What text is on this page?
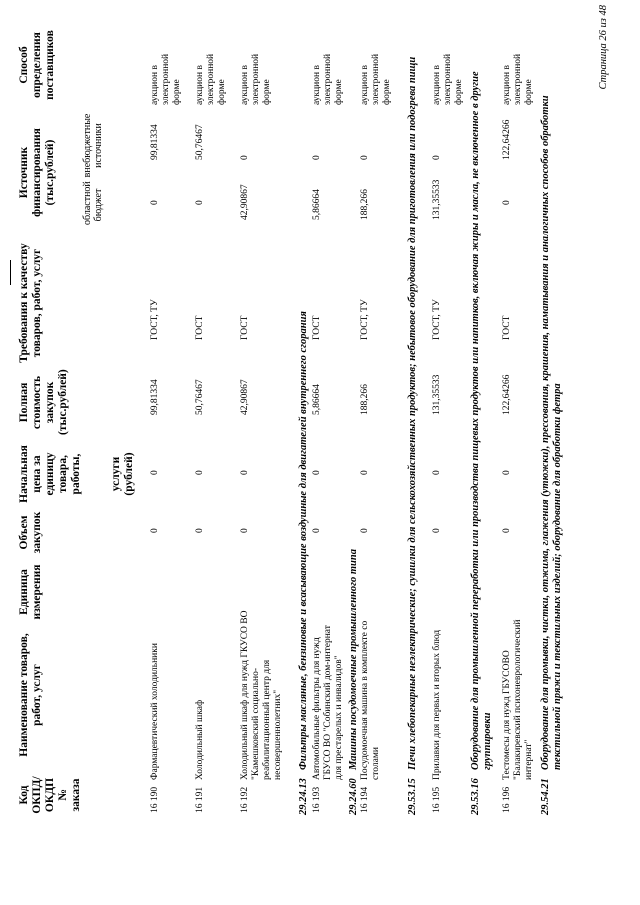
Код ОКПД/ ОКДП № заказа
Наименование товаров, работ, услуг
Единица измерения
Объем закупок
Начальная цена за единицу товара, работы, услуги (рублей)
Полная стоимость закупок (тыс.рублей)
Требования к качеству товаров, работ, услуг
Источник финансирования (тыс.рублей)	областной бюджет
внебюджетные источники
Способ определения поставщиков
16 190
Фармацевтический холодильники
0
0
99,81334
ГОСТ, ТУ
0
99,81334
аукцион в электронной форме
16 191
Холодильный шкаф
0
0
50,76467
ГОСТ
0
50,76467
аукцион в электронной форме
16 192
Холодильный шкаф для нужд ГКУСО ВО "Камешковский социально-реабилитационный центр для несовершеннолетних"
0
0
42,90867
ГОСТ
42,90867
0
аукцион в электронной форме
29.24.13
Фильтры масляные, бензиновые и всасывающие воздушные для двигателей внутреннего сгорания
16 193
Автомобильные фильтры для нужд ГБУСО ВО "Собинский дом-интернат для престарелых и инвалидов"
0
0
5,86664
ГОСТ
5,86664
0
аукцион в электронной форме
29.24.60
Машины посудомоечные промышленного типа
16 194
Посудомоечная машина в комплекте со столами
0
0
188,266
ГОСТ, ТУ
188,266
0
аукцион в электронной форме
29.53.15
Печи хлебопекарные неэлектрические; сушилки для сельскохозяйственных продуктов; небытовое оборудование для приготовления или подогрева пищи
16 195
Прилавки для первых и вторых блюд
0
0
131,35533
ГОСТ, ТУ
131,35533
0
аукцион в электронной форме
29.53.16
Оборудование для промышленной переработки или производства пищевых продуктов или напитков, включая жиры и масла, не включенное в другие группировки
16 196
Тестомесы для нужд ГБУСОВО "Балакиревский психоневрологический интернат"
0
0
122,64266
ГОСТ
0
122,64266
аукцион в электронной форме
29.54.21
Оборудование для промывки, чистки, отжима, глажения (утюжки), прессования, крашения, наматывания и аналогичных способов обработки текстильной пряжи и текстильных изделий; оборудование для обработки фетра
Страница 26 из 48
